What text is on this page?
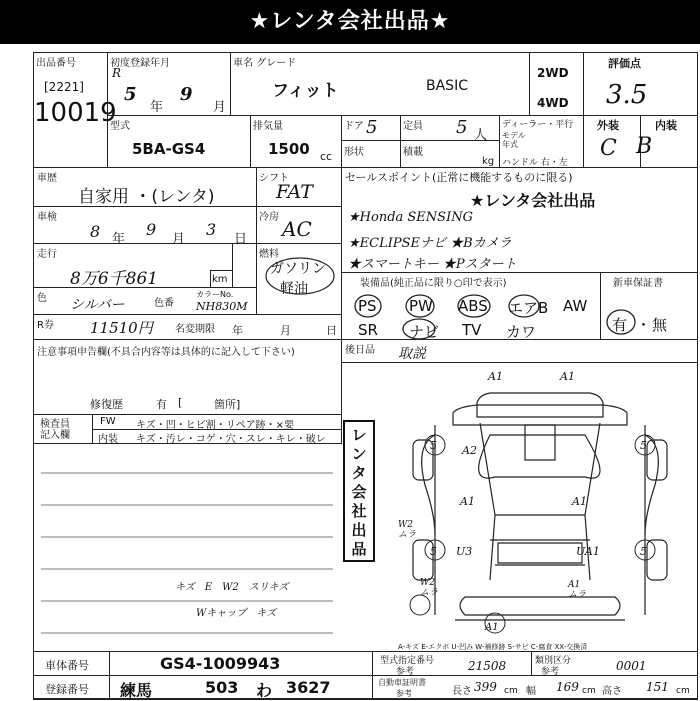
★レンタ会社出品★
出品番号
[2221]
10019
初度登録年月
R
5
年
9
月
車名 グレード
フィット	BASIC
2WD
4WD
評価点
3.5
型式
5BA-GS4
排気量
1500 cc
ドア 5	定員 5 人
形状	積載
kg
ディーラー・平行
モデル
年式
ハンドル 右・左
外装
C
内装
B
車歴
自家用 ・(レンタ)
シフト
FAT
車検
8 年
9
月
3
日
冷房 AC
走行
8万6千861	km
燃料
ガソリン
軽油
色 シルバー	色番
カラーNo.
NH830M
R券 11510円 名変期限 年	月	日
セールスポイント(正常に機能するものに限る)
★レンタ会社出品
★Honda SENSING
★ECLIPSEナビ ★Bカメラ
★スマートキー ★Pスタート
装備品(純正品に限り○印で表示)	新車保証書
PS PW ABS エアB AW
SR ナビ TV カワ	有 ・ 無
後日品 取説
注意事項申告欄(不具合内容等は具体的に記入して下さい)
修復歴	有 [	箇所]
検査員記入欄
FW キズ・凹・ヒビ割・リペア跡・×要
内装 キズ・汚レ・コゲ・穴・スレ・キレ・破レ
キズ　E　W2　スリキズ
Wキャップ　キズ
レンタ会社出品
A1	A1
5	5
A2
A1	A1
5	5
W2
ムラ
U3	UA1
W2
ムラ
A1
ムラ
A1
A-キズ E-エクボ U-凹み W-補修跡 S-サビ C-腐食 XX-交換済
車体番号	GS4-1009943
登録番号 練馬	503 わ 3627
型式指定番号
参考	21508	類別区分
参考	0001
自動車証明書
参考	長さ 399 cm 幅 169 cm 高さ 151 cm
